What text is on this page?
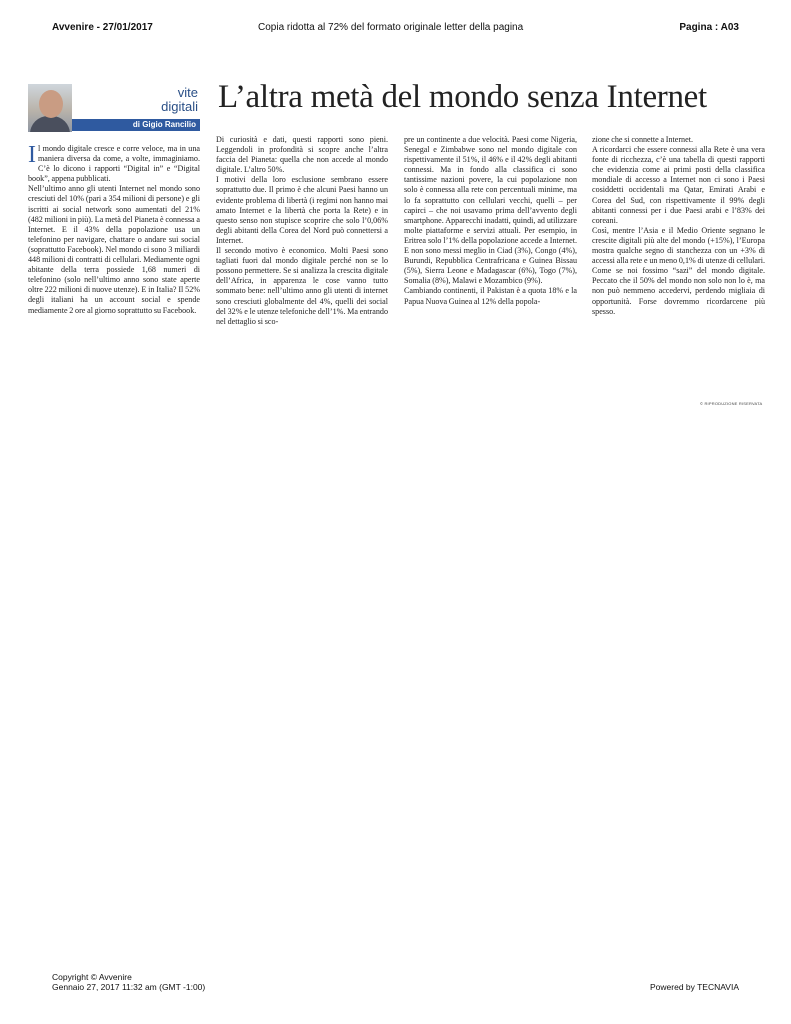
Avvenire - 27/01/2017	Copia ridotta al 72% del formato originale letter della pagina	Pagina : A03
vite
digitali
di Gigio Rancilio
L’altra metà del mondo senza Internet

Il mondo digitale cresce e corre veloce, ma in una maniera diversa da come, a volte, immaginiamo. C’è lo dicono i rapporti “Digital in” e “Digital book”, appena pubblicati.

Nell’ultimo anno gli utenti Internet nel mondo sono cresciuti del 10% (pari a 354 milioni di persone) e gli iscritti ai social network sono aumentati del 21% (482 milioni in più). La metà del Pianeta è connessa a Internet. E il 43% della popolazione usa un telefonino per navigare, chattare o andare sui social (soprattutto Facebook). Nel mondo ci sono 3 miliardi 448 milioni di contratti di cellulari. Mediamente ogni abitante della terra possiede 1,68 numeri di telefonino (solo nell’ultimo anno sono state aperte oltre 222 milioni di nuove utenze). E in Italia? Il 52% degli italiani ha un account social e spende mediamente 2 ore al giorno soprattutto su Facebook.

Di curiosità e dati, questi rapporti sono pieni. Leggendoli in profondità si scopre anche l’altra faccia del Pianeta: quella che non accede al mondo digitale. L’altro 50%.

I motivi della loro esclusione sembrano essere soprattutto due. Il primo è che alcuni Paesi hanno un evidente problema di libertà (i regimi non hanno mai amato Internet e la libertà che porta la Rete) e in questo senso non stupisce scoprire che solo l’0,06% degli abitanti della Corea del Nord può connettersi a Internet.

Il secondo motivo è economico. Molti Paesi sono tagliati fuori dal mondo digitale perché non se lo possono permettere. Se si analizza la crescita digitale dell’Africa, in apparenza le cose vanno tutto sommato bene: nell’ultimo anno gli utenti di internet sono cresciuti globalmente del 4%, quelli dei social del 32% e le utenze telefoniche dell’1%. Ma entrando nel dettaglio si sco-

pre un continente a due velocità. Paesi come Nigeria, Senegal e Zimbabwe sono nel mondo digitale con rispettivamente il 51%, il 46% e il 42% degli abitanti connessi. Ma in fondo alla classifica ci sono tantissime nazioni povere, la cui popolazione non solo è connessa alla rete con percentuali minime, ma lo fa soprattutto con cellulari vecchi, quelli – per capirci – che noi usavamo prima dell’avvento degli smartphone. Apparecchi inadatti, quindi, ad utilizzare molte piattaforme e servizi attuali. Per esempio, in Eritrea solo l’1% della popolazione accede a Internet. E non sono messi meglio in Ciad (3%), Congo (4%), Burundi, Repubblica Centrafricana e Guinea Bissau (5%), Sierra Leone e Madagascar (6%), Togo (7%), Somalia (8%), Malawi e Mozambico (9%).

Cambiando continenti, il Pakistan è a quota 18% e la Papua Nuova Guinea al 12% della popola-

zione che si connette a Internet.

A ricordarci che essere connessi alla Rete è una vera fonte di ricchezza, c’è una tabella di questi rapporti che evidenzia come ai primi posti della classifica mondiale di accesso a Internet non ci sono i Paesi cosiddetti occidentali ma Qatar, Emirati Arabi e Corea del Sud, con rispettivamente il 99% degli abitanti connessi per i due Paesi arabi e l’83% dei coreani.

Così, mentre l’Asia e il Medio Oriente segnano le crescite digitali più alte del mondo (+15%), l’Europa mostra qualche segno di stanchezza con un +3% di accessi alla rete e un meno 0,1% di utenze di cellulari. Come se noi fossimo “sazi” del mondo digitale. Peccato che il 50% del mondo non solo non lo è, ma non può nemmeno accedervi, perdendo migliaia di opportunità. Forse dovremmo ricordarcene più spesso.

© RIPRODUZIONE RISERVATA
Copyright © Avvenire
Gennaio 27, 2017 11:32 am (GMT -1:00)	Powered by TECNAVIA
